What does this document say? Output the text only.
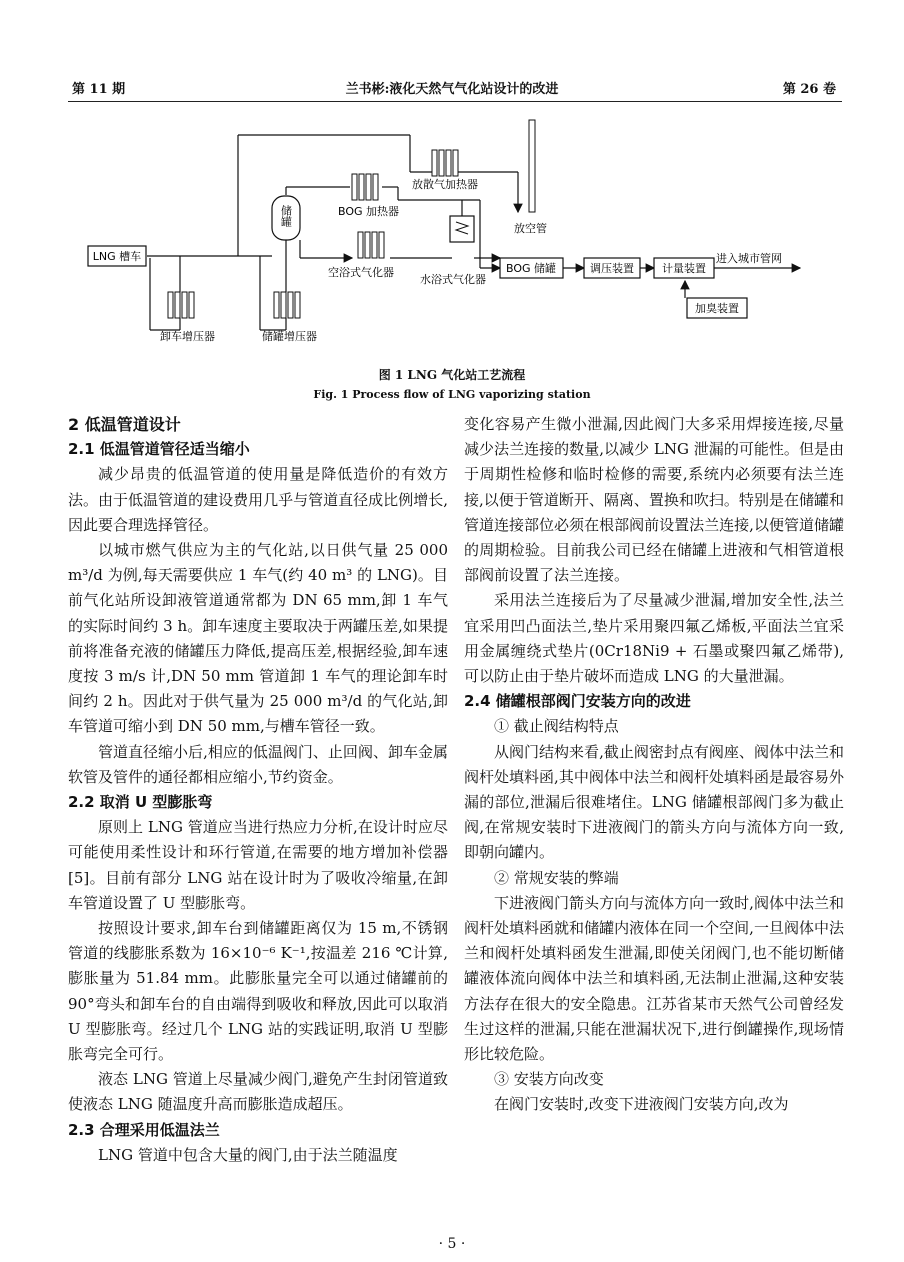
第 11 期	兰书彬:液化天然气气化站设计的改进	第 26 卷
LNG 槽车
储罐
BOG 储罐	调压装置	计量装置
加臭装置
放散气加热器
BOG 加热器
放空管
空浴式气化器
水浴式气化器
进入城市管网
卸车增压器	储罐增压器
图 1 LNG 气化站工艺流程
Fig. 1 Process flow of LNG vaporizing station
2 低温管道设计
2.1 低温管道管径适当缩小

减少昂贵的低温管道的使用量是降低造价的有效方法。由于低温管道的建设费用几乎与管道直径成比例增长,因此要合理选择管径。

以城市燃气供应为主的气化站,以日供气量 25 000 m³/d 为例,每天需要供应 1 车气(约 40 m³ 的 LNG)。目前气化站所设卸液管道通常都为 DN 65 mm,卸 1 车气的实际时间约 3 h。卸车速度主要取决于两罐压差,如果提前将准备充液的储罐压力降低,提高压差,根据经验,卸车速度按 3 m/s 计,DN 50 mm 管道卸 1 车气的理论卸车时间约 2 h。因此对于供气量为 25 000 m³/d 的气化站,卸车管道可缩小到 DN 50 mm,与槽车管径一致。

管道直径缩小后,相应的低温阀门、止回阀、卸车金属软管及管件的通径都相应缩小,节约资金。

2.2 取消 U 型膨胀弯

原则上 LNG 管道应当进行热应力分析,在设计时应尽可能使用柔性设计和环行管道,在需要的地方增加补偿器[5]。目前有部分 LNG 站在设计时为了吸收冷缩量,在卸车管道设置了 U 型膨胀弯。

按照设计要求,卸车台到储罐距离仅为 15 m,不锈钢管道的线膨胀系数为 16×10⁻⁶ K⁻¹,按温差 216 ℃计算,膨胀量为 51.84 mm。此膨胀量完全可以通过储罐前的 90°弯头和卸车台的自由端得到吸收和释放,因此可以取消 U 型膨胀弯。经过几个 LNG 站的实践证明,取消 U 型膨胀弯完全可行。

液态 LNG 管道上尽量减少阀门,避免产生封闭管道致使液态 LNG 随温度升高而膨胀造成超压。

2.3 合理采用低温法兰

LNG 管道中包含大量的阀门,由于法兰随温度

变化容易产生微小泄漏,因此阀门大多采用焊接连接,尽量减少法兰连接的数量,以减少 LNG 泄漏的可能性。但是由于周期性检修和临时检修的需要,系统内必须要有法兰连接,以便于管道断开、隔离、置换和吹扫。特别是在储罐和管道连接部位必须在根部阀前设置法兰连接,以便管道储罐的周期检验。目前我公司已经在储罐上进液和气相管道根部阀前设置了法兰连接。

采用法兰连接后为了尽量减少泄漏,增加安全性,法兰宜采用凹凸面法兰,垫片采用聚四氟乙烯板,平面法兰宜采用金属缠绕式垫片(0Cr18Ni9 + 石墨或聚四氟乙烯带),可以防止由于垫片破坏而造成 LNG 的大量泄漏。

2.4 储罐根部阀门安装方向的改进

① 截止阀结构特点

从阀门结构来看,截止阀密封点有阀座、阀体中法兰和阀杆处填料函,其中阀体中法兰和阀杆处填料函是最容易外漏的部位,泄漏后很难堵住。LNG 储罐根部阀门多为截止阀,在常规安装时下进液阀门的箭头方向与流体方向一致,即朝向罐内。

② 常规安装的弊端

下进液阀门箭头方向与流体方向一致时,阀体中法兰和阀杆处填料函就和储罐内液体在同一个空间,一旦阀体中法兰和阀杆处填料函发生泄漏,即使关闭阀门,也不能切断储罐液体流向阀体中法兰和填料函,无法制止泄漏,这种安装方法存在很大的安全隐患。江苏省某市天然气公司曾经发生过这样的泄漏,只能在泄漏状况下,进行倒罐操作,现场情形比较危险。

③ 安装方向改变

在阀门安装时,改变下进液阀门安装方向,改为

· 5 ·
